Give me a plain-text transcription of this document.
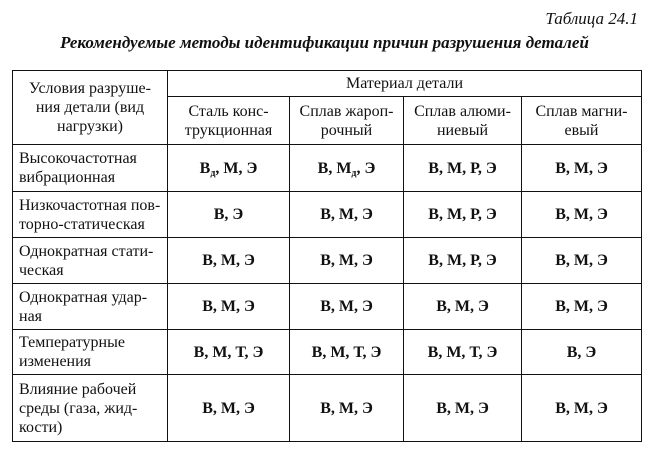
Таблица 24.1
Рекомендуемые методы идентификации причин разрушения деталей
Условия разруше-
ния детали (вид
нагрузки)	Материал детали			
	Сталь конс-
трукционная	Сплав жароп-
рочный	Сплав алюми-
ниевый	Сплав магни-
евый
Высокочастотная
вибрационная	$В_д$, М, Э	В, $М_д$, Э	В, М, Р, Э	В, М, Э
Низкочастотная пов-
торно-статическая	В, Э	В, М, Э	В, М, Р, Э	В, М, Э
Однократная стати-
ческая	В, М, Э	В, М, Э	В, М, Р, Э	В, М, Э
Однократная удар-
ная	В, М, Э	В, М, Э	В, М, Э	В, М, Э
Температурные
изменения	В, М, Т, Э	В, М, Т, Э	В, М, Т, Э	В, Э
Влияние рабочей
среды (газа, жид-
кости)	В, М, Э	В, М, Э	В, М, Э	В, М, Э
